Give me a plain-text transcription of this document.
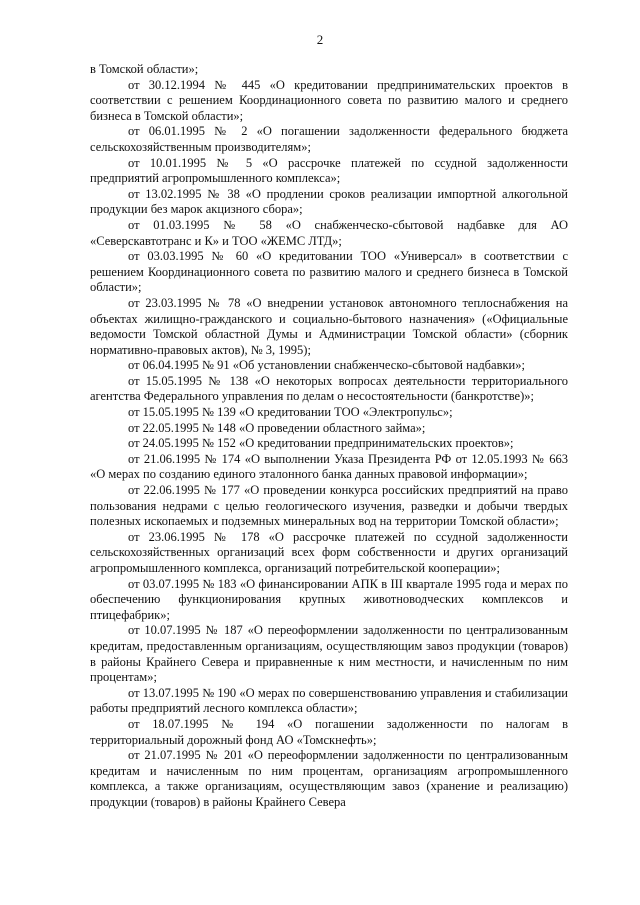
2

в Томской области»;

от 30.12.1994 № 445 «О кредитовании предпринимательских проектов в соответствии с решением Координационного совета по развитию малого и среднего бизнеса в Томской области»;

от 06.01.1995 № 2 «О погашении задолженности федерального бюджета сельскохозяйственным производителям»;

от 10.01.1995 № 5 «О рассрочке платежей по ссудной задолженности предприятий агропромышленного комплекса»;

от 13.02.1995 № 38 «О продлении сроков реализации импортной алкогольной продукции без марок акцизного сбора»;

от 01.03.1995 № 58 «О снабженческо-сбытовой надбавке для АО «Северскавтотранс и К» и ТОО «ЖЕМС ЛТД»;

от 03.03.1995 № 60 «О кредитовании ТОО «Универсал» в соответствии с решением Координационного совета по развитию малого и среднего бизнеса в Томской области»;

от 23.03.1995 № 78 «О внедрении установок автономного теплоснабжения на объектах жилищно-гражданского и социально-бытового назначения» («Официальные ведомости Томской областной Думы и Администрации Томской области» (сборник нормативно-правовых актов), № 3, 1995);

от 06.04.1995 № 91 «Об установлении снабженческо-сбытовой надбавки»;

от 15.05.1995 № 138 «О некоторых вопросах деятельности территориального агентства Федерального управления по делам о несостоятельности (банкротстве)»;

от 15.05.1995 № 139 «О кредитовании ТОО «Электропульс»;

от 22.05.1995 № 148 «О проведении областного займа»;

от 24.05.1995 № 152 «О кредитовании предпринимательских проектов»;

от 21.06.1995 № 174 «О выполнении Указа Президента РФ от 12.05.1993 № 663 «О мерах по созданию единого эталонного банка данных правовой информации»;

от 22.06.1995 № 177 «О проведении конкурса российских предприятий на право пользования недрами с целью геологического изучения, разведки и добычи твердых полезных ископаемых и подземных минеральных вод на территории Томской области»;

от 23.06.1995 № 178 «О рассрочке платежей по ссудной задолженности сельскохозяйственных организаций всех форм собственности и других организаций агропромышленного комплекса, организаций потребительской кооперации»;

от 03.07.1995 № 183 «О финансировании АПК в III квартале 1995 года и мерах по обеспечению функционирования крупных животноводческих комплексов и птицефабрик»;

от 10.07.1995 № 187 «О переоформлении задолженности по централизованным кредитам, предоставленным организациям, осуществляющим завоз продукции (товаров) в районы Крайнего Севера и приравненные к ним местности, и начисленным по ним процентам»;

от 13.07.1995 № 190 «О мерах по совершенствованию управления и стабилизации работы предприятий лесного комплекса области»;

от 18.07.1995 № 194 «О погашении задолженности по налогам в территориальный дорожный фонд АО «Томскнефть»;

от 21.07.1995 № 201 «О переоформлении задолженности по централизованным кредитам и начисленным по ним процентам, организациям агропромышленного комплекса, а также организациям, осуществляющим завоз (хранение и реализацию) продукции (товаров) в районы Крайнего Севера
